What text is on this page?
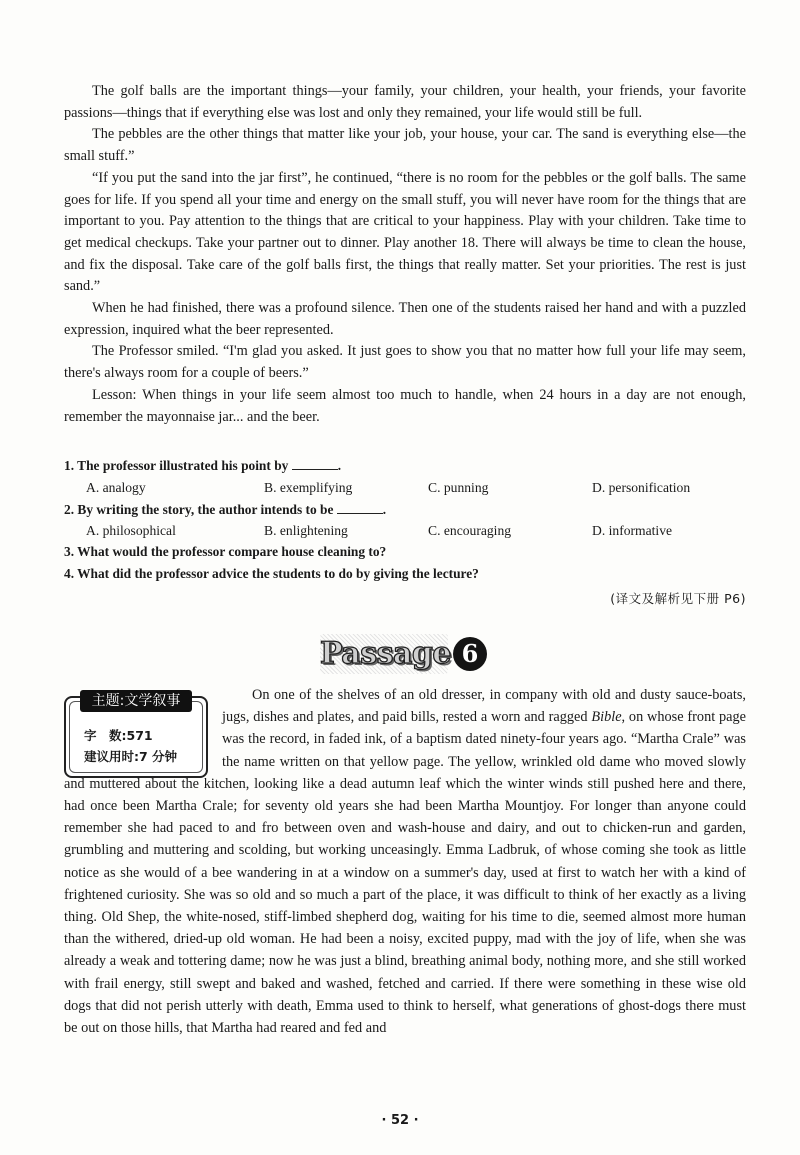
The golf balls are the important things—your family, your children, your health, your friends, your favorite passions—things that if everything else was lost and only they remained, your life would still be full.

The pebbles are the other things that matter like your job, your house, your car. The sand is everything else—the small stuff.”

“If you put the sand into the jar first”, he continued, “there is no room for the pebbles or the golf balls. The same goes for life. If you spend all your time and energy on the small stuff, you will never have room for the things that are important to you. Pay attention to the things that are critical to your happiness. Play with your children. Take time to get medical checkups. Take your partner out to dinner. Play another 18. There will always be time to clean the house, and fix the disposal. Take care of the golf balls first, the things that really matter. Set your priorities. The rest is just sand.”

When he had finished, there was a profound silence. Then one of the students raised her hand and with a puzzled expression, inquired what the beer represented.

The Professor smiled. “I'm glad you asked. It just goes to show you that no matter how full your life may seem, there's always room for a couple of beers.”

Lesson: When things in your life seem almost too much to handle, when 24 hours in a day are not enough, remember the mayonnaise jar... and the beer.

1. The professor illustrated his point by	.
A. analogy	B. exemplifying	C. punning	D. personification
2. By writing the story, the author intends to be	.
A. philosophical	B. enlightening	C. encouraging	D. informative
3. What would the professor compare house cleaning to?
4. What did the professor advice the students to do by giving the lecture?
(译文及解析见下册 P6)
Passage 6
主题:文学叙事
字　数:571
建议用时:7 分钟

On one of the shelves of an old dresser, in company with old and dusty sauce-boats, jugs, dishes and plates, and paid bills, rested a worn and ragged Bible, on whose front page was the record, in faded ink, of a baptism dated ninety-four years ago. “Martha Crale” was the name written on that yellow page. The yellow, wrinkled old dame who moved slowly and muttered about the kitchen, looking like a dead autumn leaf which the winter winds still pushed here and there, had once been Martha Crale; for seventy old years she had been Martha Mountjoy. For longer than anyone could remember she had paced to and fro between oven and wash-house and dairy, and out to chicken-run and garden, grumbling and muttering and scolding, but working unceasingly. Emma Ladbruk, of whose coming she took as little notice as she would of a bee wandering in at a window on a summer's day, used at first to watch her with a kind of frightened curiosity. She was so old and so much a part of the place, it was difficult to think of her exactly as a living thing. Old Shep, the white-nosed, stiff-limbed shepherd dog, waiting for his time to die, seemed almost more human than the withered, dried-up old woman. He had been a noisy, excited puppy, mad with the joy of life, when she was already a weak and tottering dame; now he was just a blind, breathing animal body, nothing more, and she still worked with frail energy, still swept and baked and washed, fetched and carried. If there were something in these wise old dogs that did not perish utterly with death, Emma used to think to herself, what generations of ghost-dogs there must be out on those hills, that Martha had reared and fed and

· 52 ·
